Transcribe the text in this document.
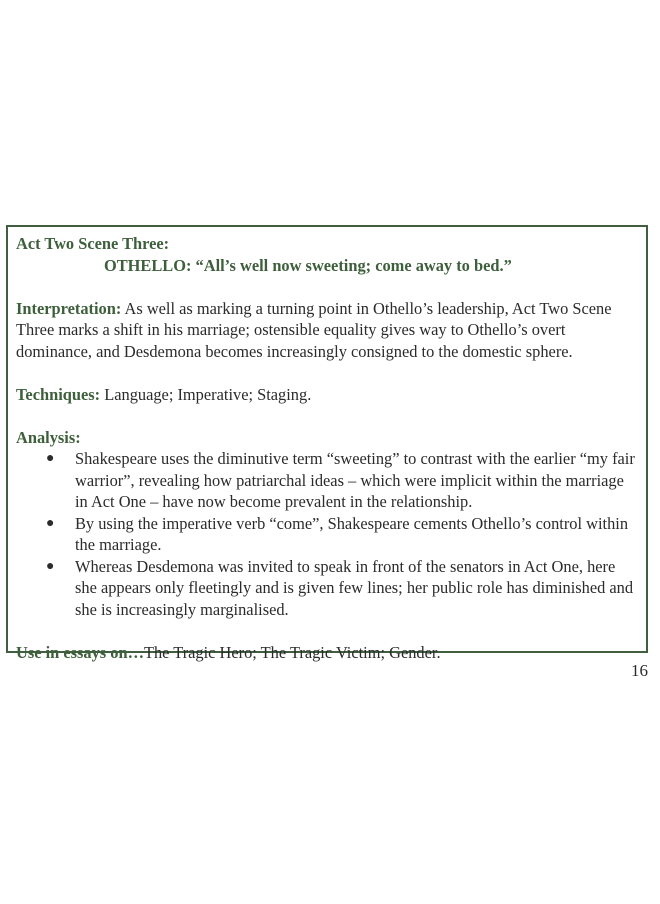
Act Two Scene Three:

OTHELLO: “All’s well now sweeting; come away to bed.”

Interpretation: As well as marking a turning point in Othello’s leadership, Act Two Scene Three marks a shift in his marriage; ostensible equality gives way to Othello’s overt dominance, and Desdemona becomes increasingly consigned to the domestic sphere.

Techniques: Language; Imperative; Staging.

Analysis:

● Shakespeare uses the diminutive term “sweeting” to contrast with the earlier “my fair warrior”, revealing how patriarchal ideas – which were implicit within the marriage in Act One – have now become prevalent in the relationship.
● By using the imperative verb “come”, Shakespeare cements Othello’s control within the marriage.
● Whereas Desdemona was invited to speak in front of the senators in Act One, here she appears only fleetingly and is given few lines; her public role has diminished and she is increasingly marginalised.

Use in essays on…The Tragic Hero; The Tragic Victim; Gender.

16
